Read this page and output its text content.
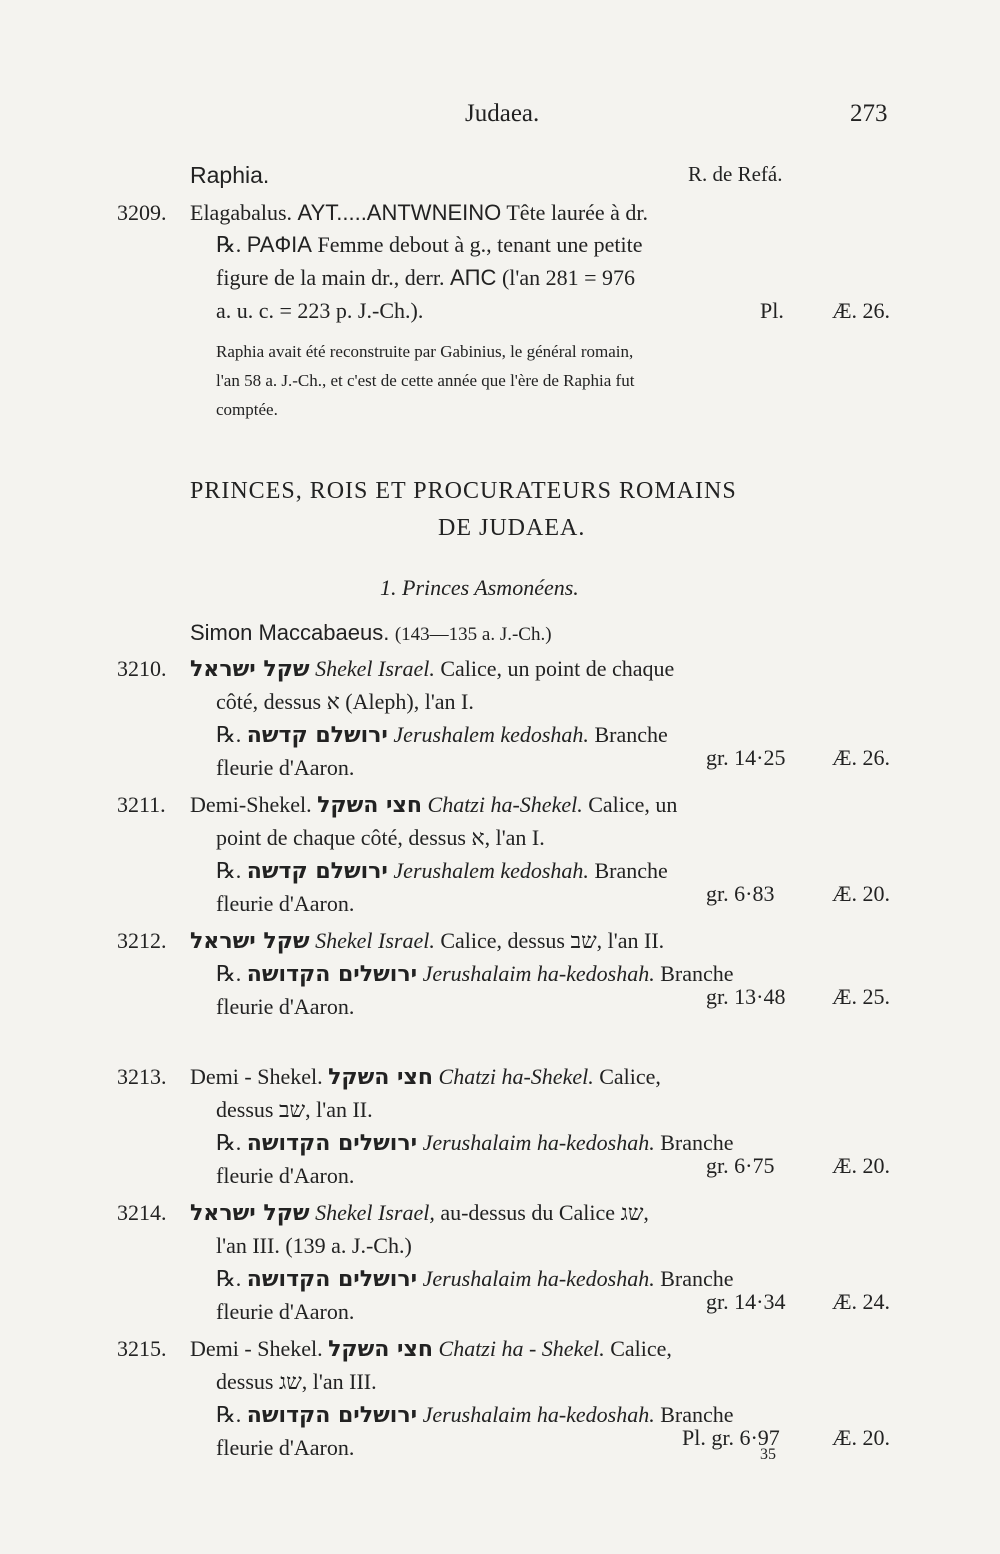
Judaea.	273
Raphia.	R. de Refá.
3209. Elagabalus. AYT.....ANTWNEINO Tête laurée à dr.
℞. PAФIA Femme debout à g., tenant une petite
figure de la main dr., derr. AΠC (l'an 281 = 976
a. u. c. = 223 p. J.-Ch.).	Pl. Æ. 26.
Raphia avait été reconstruite par Gabinius, le général romain,
l'an 58 a. J.-Ch., et c'est de cette année que l'ère de Raphia fut
comptée.
PRINCES, ROIS ET PROCURATEURS ROMAINS
DE JUDAEA.
1. Princes Asmonéens.
Simon Maccabaeus. (143—135 a. J.-Ch.)
3210. שקל ישראל Shekel Israel. Calice, un point de chaque
côté, dessus א (Aleph), l'an I.
℞. ירושלם קדשה Jerushalem kedoshah. Branche
fleurie d'Aaron.	gr. 14·25 Æ. 26.
3211. Demi-Shekel. חצי השקל Chatzi ha-Shekel. Calice, un
point de chaque côté, dessus א, l'an I.
℞. ירושלם קדשה Jerushalem kedoshah. Branche
fleurie d'Aaron.	gr. 6·83	Æ. 20.
3212. שקל ישראל Shekel Israel. Calice, dessus שב, l'an II.
℞. ירושלים הקדושה Jerushalaim ha-kedoshah. Branche
fleurie d'Aaron.	gr. 13·48 Æ. 25.
3213. Demi - Shekel. חצי השקל Chatzi ha-Shekel. Calice,
dessus שב, l'an II.
℞. ירושלים הקדושה Jerushalaim ha-kedoshah. Branche
fleurie d'Aaron.	gr. 6·75	Æ. 20.
3214. שקל ישראל Shekel Israel, au-dessus du Calice שג,
l'an III. (139 a. J.-Ch.)
℞. ירושלים הקדושה Jerushalaim ha-kedoshah. Branche
fleurie d'Aaron.	gr. 14·34 Æ. 24.
3215. Demi - Shekel. חצי השקל Chatzi ha - Shekel. Calice,
dessus שג, l'an III.
℞. ירושלים הקדושה Jerushalaim ha-kedoshah. Branche
fleurie d'Aaron.	Pl. gr. 6·97 Æ. 20.
35
